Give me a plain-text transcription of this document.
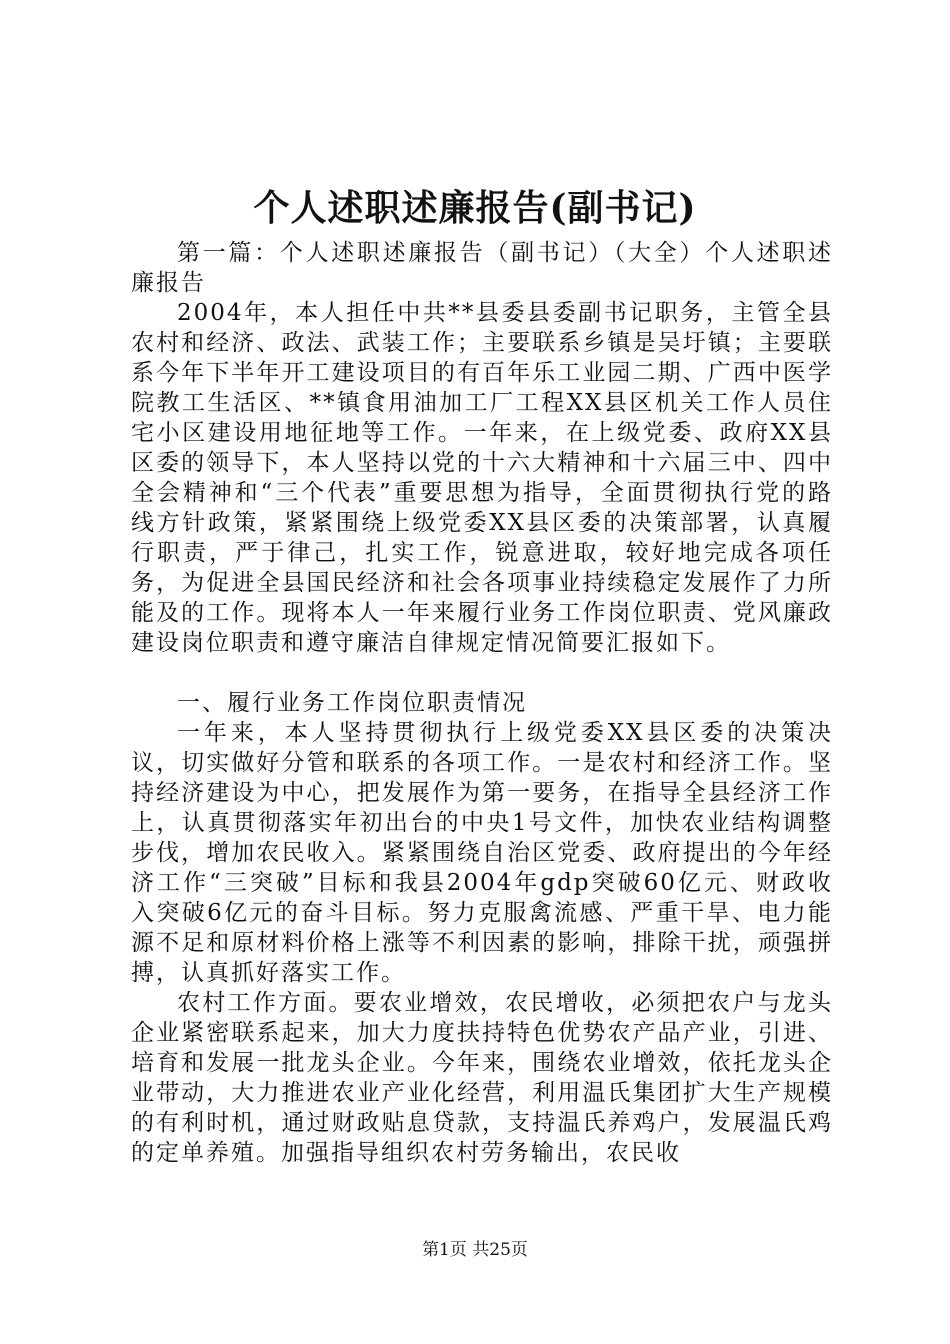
个人述职述廉报告(副书记)

第一篇：个人述职述廉报告（副书记）（大全）个人述职述廉报告

2004年，本人担任中共**县委县委副书记职务，主管全县农村和经济、政法、武装工作；主要联系乡镇是吴圩镇；主要联系今年下半年开工建设项目的有百年乐工业园二期、广西中医学院教工生活区、**镇食用油加工厂工程XX县区机关工作人员住宅小区建设用地征地等工作。一年来，在上级党委、政府XX县区委的领导下，本人坚持以党的十六大精神和十六届三中、四中全会精神和“三个代表”重要思想为指导，全面贯彻执行党的路线方针政策，紧紧围绕上级党委XX县区委的决策部署，认真履行职责，严于律己，扎实工作，锐意进取，较好地完成各项任务，为促进全县国民经济和社会各项事业持续稳定发展作了力所能及的工作。现将本人一年来履行业务工作岗位职责、党风廉政建设岗位职责和遵守廉洁自律规定情况简要汇报如下。

一、履行业务工作岗位职责情况

一年来，本人坚持贯彻执行上级党委XX县区委的决策决议，切实做好分管和联系的各项工作。一是农村和经济工作。坚持经济建设为中心，把发展作为第一要务，在指导全县经济工作上，认真贯彻落实年初出台的中央1号文件，加快农业结构调整步伐，增加农民收入。紧紧围绕自治区党委、政府提出的今年经济工作“三突破”目标和我县2004年gdp突破60亿元、财政收入突破6亿元的奋斗目标。努力克服禽流感、严重干旱、电力能源不足和原材料价格上涨等不利因素的影响，排除干扰，顽强拼搏，认真抓好落实工作。

农村工作方面。要农业增效，农民增收，必须把农户与龙头企业紧密联系起来，加大力度扶持特色优势农产品产业，引进、培育和发展一批龙头企业。今年来，围绕农业增效，依托龙头企业带动，大力推进农业产业化经营，利用温氏集团扩大生产规模的有利时机，通过财政贴息贷款，支持温氏养鸡户，发展温氏鸡的定单养殖。加强指导组织农村劳务输出，农民收

第1页 共25页
